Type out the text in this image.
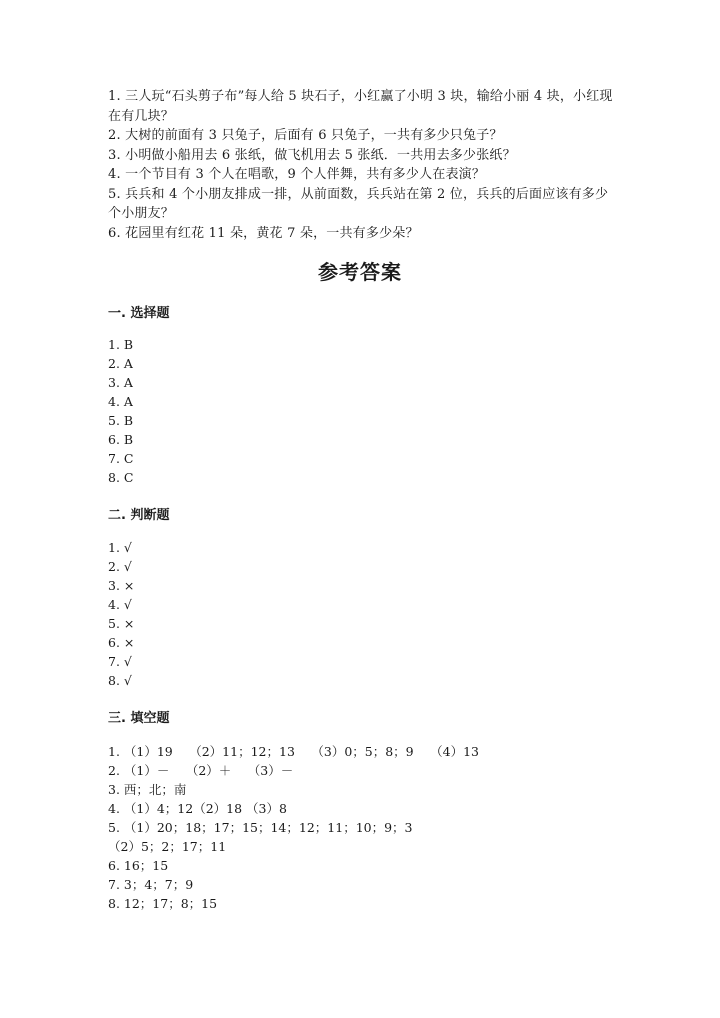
1. 三人玩“石头剪子布”每人给 5 块石子，小红赢了小明 3 块，输给小丽 4 块，小红现在有几块？

2. 大树的前面有 3 只兔子，后面有 6 只兔子，一共有多少只兔子？

3. 小明做小船用去 6 张纸，做飞机用去 5 张纸．一共用去多少张纸？

4. 一个节目有 3 个人在唱歌，9 个人伴舞，共有多少人在表演？

5. 兵兵和 4 个小朋友排成一排，从前面数，兵兵站在第 2 位，兵兵的后面应该有多少个小朋友？

6. 花园里有红花 11 朵，黄花 7 朵，一共有多少朵？

参考答案
一. 选择题

1. B

2. A

3. A

4. A

5. B

6. B

7. C

8. C

二. 判断题

1. √

2. √

3. ×

4. √

5. ×

6. ×

7. √

8. √

三. 填空题

1. （1）19　 （2）11；12；13　 （3）0；5；8；9　 （4）13

2. （1）－　 （2）＋　 （3）－

3. 西；北；南

4. （1）4；12（2）18 （3）8

5. （1）20；18；17；15；14；12；11；10；9；3

（2）5；2；17；11

6. 16；15

7. 3；4；7；9

8. 12；17；8；15
